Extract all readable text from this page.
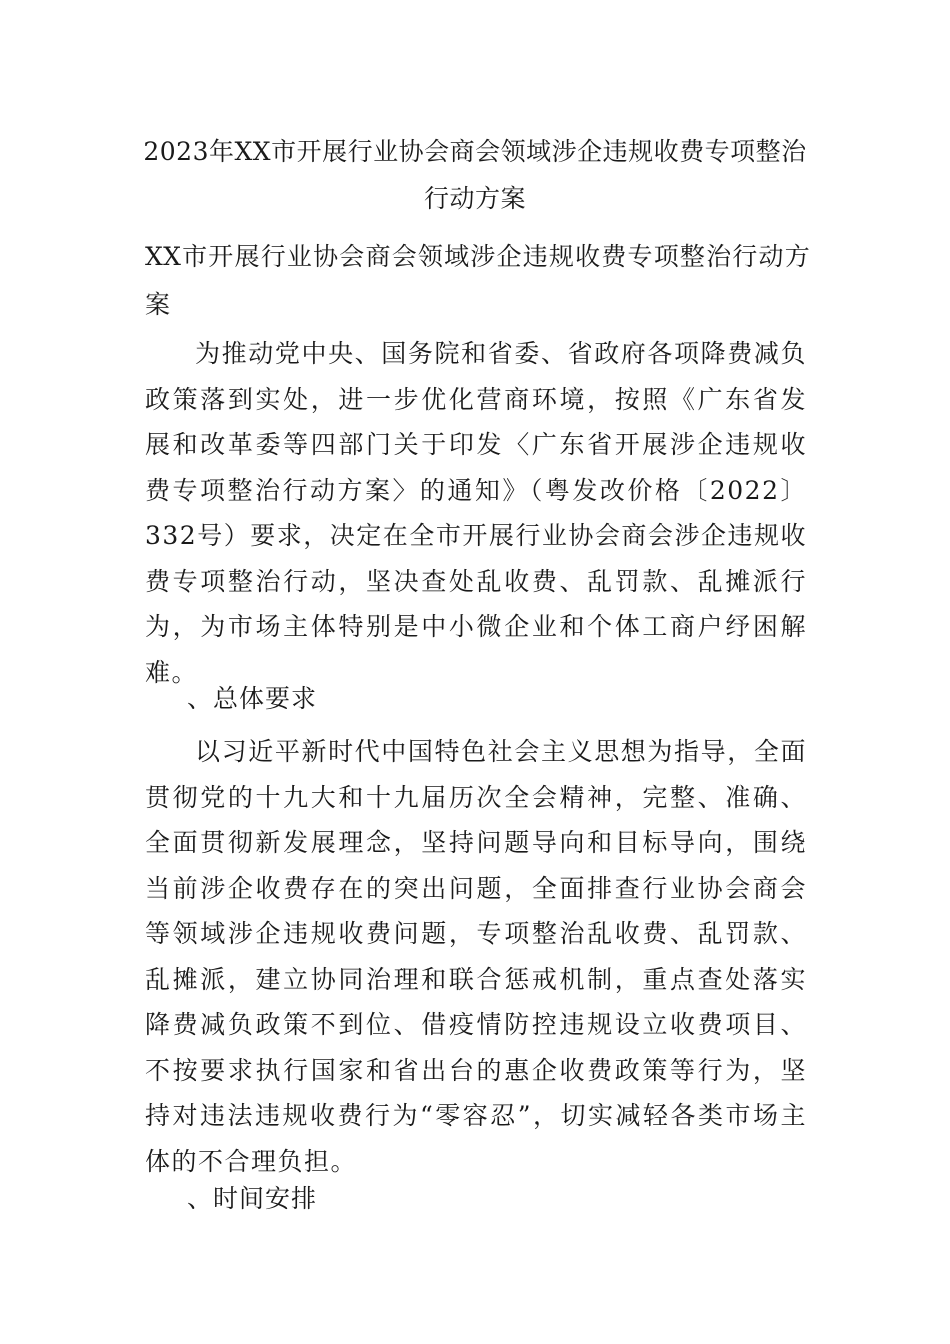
2023年XX市开展行业协会商会领域涉企违规收费专项整治行动方案

XX市开展行业协会商会领域涉企违规收费专项整治行动方案

为推动党中央、国务院和省委、省政府各项降费减负政策落到实处，进一步优化营商环境，按照《广东省发展和改革委等四部门关于印发〈广东省开展涉企违规收费专项整治行动方案〉的通知》（粤发改价格〔2022〕332号）要求，决定在全市开展行业协会商会涉企违规收费专项整治行动，坚决查处乱收费、乱罚款、乱摊派行为，为市场主体特别是中小微企业和个体工商户纾困解难。

、总体要求

以习近平新时代中国特色社会主义思想为指导，全面贯彻党的十九大和十九届历次全会精神，完整、准确、全面贯彻新发展理念，坚持问题导向和目标导向，围绕当前涉企收费存在的突出问题，全面排查行业协会商会等领域涉企违规收费问题，专项整治乱收费、乱罚款、乱摊派，建立协同治理和联合惩戒机制，重点查处落实降费减负政策不到位、借疫情防控违规设立收费项目、不按要求执行国家和省出台的惠企收费政策等行为，坚持对违法违规收费行为“零容忍”，切实减轻各类市场主体的不合理负担。

、时间安排
